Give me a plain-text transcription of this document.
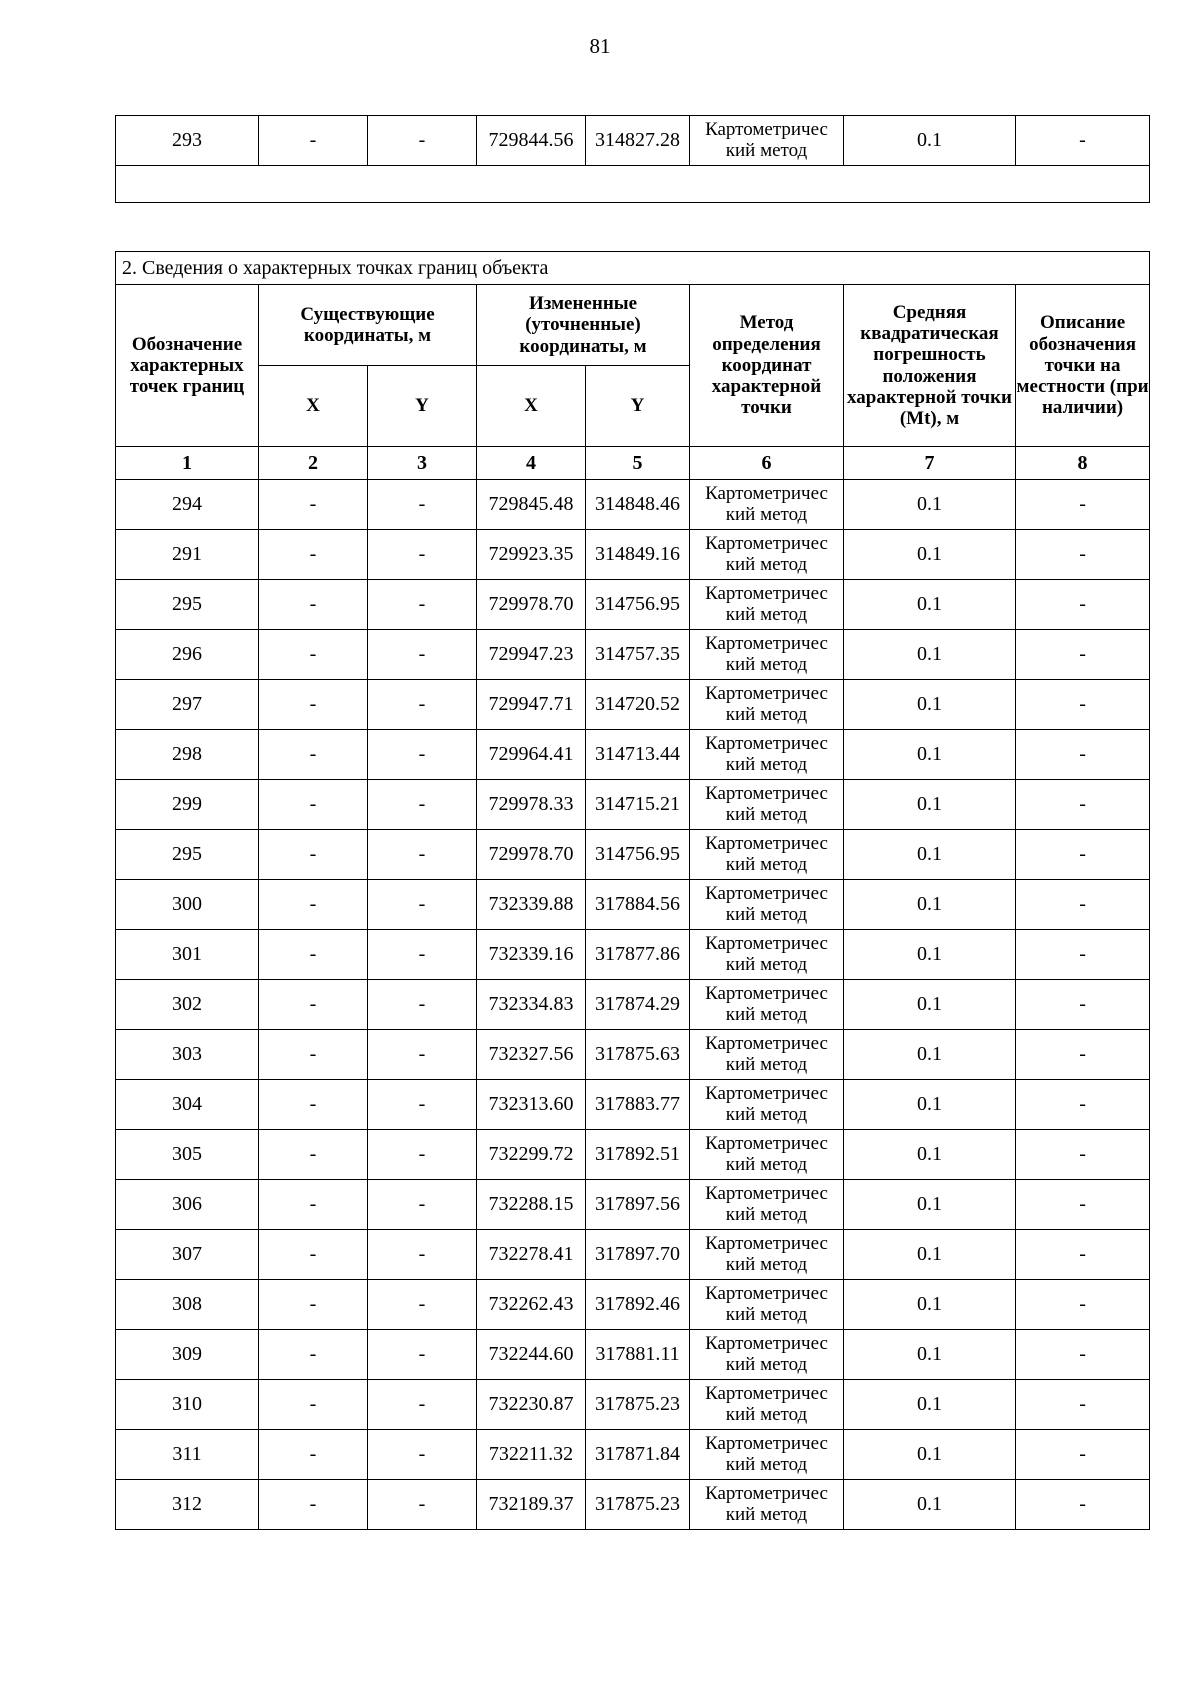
81
293	-	-	729844.56	314827.28	Картометричес
кий метод	0.1	-

2. Сведения о характерных точках границ объекта							
Обозначение характерных точек границ	Существующие координаты, м		Измененные (уточненные) координаты, м		Метод определения координат характерной точки	Средняя квадратическая погрешность положения характерной точки (Mt), м	Описание обозначения точки на местности (при наличии)
	X	Y	X	Y			
1	2	3	4	5	6	7	8
294	-	-	729845.48	314848.46	Картометричес
кий метод	0.1	-
291	-	-	729923.35	314849.16	Картометричес
кий метод	0.1	-
295	-	-	729978.70	314756.95	Картометричес
кий метод	0.1	-
296	-	-	729947.23	314757.35	Картометричес
кий метод	0.1	-
297	-	-	729947.71	314720.52	Картометричес
кий метод	0.1	-
298	-	-	729964.41	314713.44	Картометричес
кий метод	0.1	-
299	-	-	729978.33	314715.21	Картометричес
кий метод	0.1	-
295	-	-	729978.70	314756.95	Картометричес
кий метод	0.1	-
300	-	-	732339.88	317884.56	Картометричес
кий метод	0.1	-
301	-	-	732339.16	317877.86	Картометричес
кий метод	0.1	-
302	-	-	732334.83	317874.29	Картометричес
кий метод	0.1	-
303	-	-	732327.56	317875.63	Картометричес
кий метод	0.1	-
304	-	-	732313.60	317883.77	Картометричес
кий метод	0.1	-
305	-	-	732299.72	317892.51	Картометричес
кий метод	0.1	-
306	-	-	732288.15	317897.56	Картометричес
кий метод	0.1	-
307	-	-	732278.41	317897.70	Картометричес
кий метод	0.1	-
308	-	-	732262.43	317892.46	Картометричес
кий метод	0.1	-
309	-	-	732244.60	317881.11	Картометричес
кий метод	0.1	-
310	-	-	732230.87	317875.23	Картометричес
кий метод	0.1	-
311	-	-	732211.32	317871.84	Картометричес
кий метод	0.1	-
312	-	-	732189.37	317875.23	Картометричес
кий метод	0.1	-
